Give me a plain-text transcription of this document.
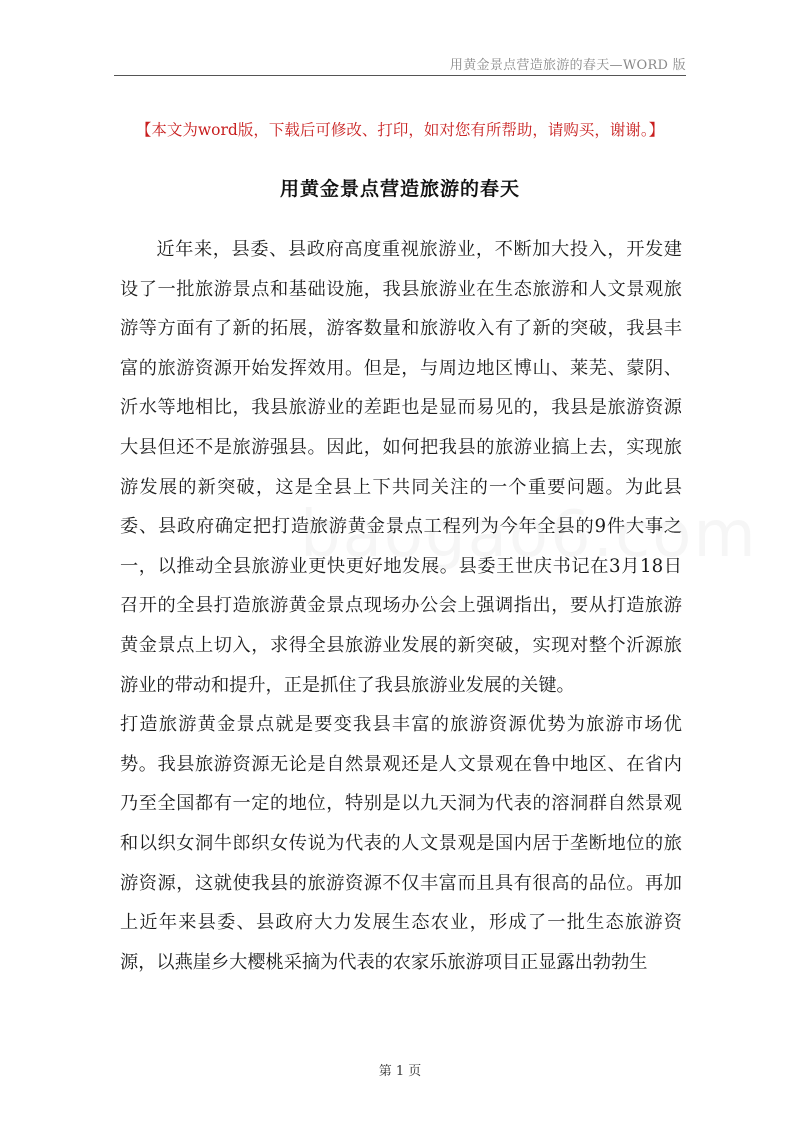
用黄金景点营造旅游的春天—WORD 版
【本文为word版，下载后可修改、打印，如对您有所帮助，请购买，谢谢。】
用黄金景点营造旅游的春天

近年来，县委、县政府高度重视旅游业，不断加大投入，开发建设了一批旅游景点和基础设施，我县旅游业在生态旅游和人文景观旅游等方面有了新的拓展，游客数量和旅游收入有了新的突破，我县丰富的旅游资源开始发挥效用。但是，与周边地区博山、莱芜、蒙阴、沂水等地相比，我县旅游业的差距也是显而易见的，我县是旅游资源大县但还不是旅游强县。因此，如何把我县的旅游业搞上去，实现旅游发展的新突破，这是全县上下共同关注的一个重要问题。为此县委、县政府确定把打造旅游黄金景点工程列为今年全县的9件大事之一，以推动全县旅游业更快更好地发展。县委王世庆书记在3月18日召开的全县打造旅游黄金景点现场办公会上强调指出，要从打造旅游黄金景点上切入，求得全县旅游业发展的新突破，实现对整个沂源旅游业的带动和提升，正是抓住了我县旅游业发展的关键。

打造旅游黄金景点就是要变我县丰富的旅游资源优势为旅游市场优势。我县旅游资源无论是自然景观还是人文景观在鲁中地区、在省内乃至全国都有一定的地位，特别是以九天洞为代表的溶洞群自然景观和以织女洞牛郎织女传说为代表的人文景观是国内居于垄断地位的旅游资源，这就使我县的旅游资源不仅丰富而且具有很高的品位。再加上近年来县委、县政府大力发展生态农业，形成了一批生态旅游资源，以燕崖乡大樱桃采摘为代表的农家乐旅游项目正显露出勃勃生

第 1 页
